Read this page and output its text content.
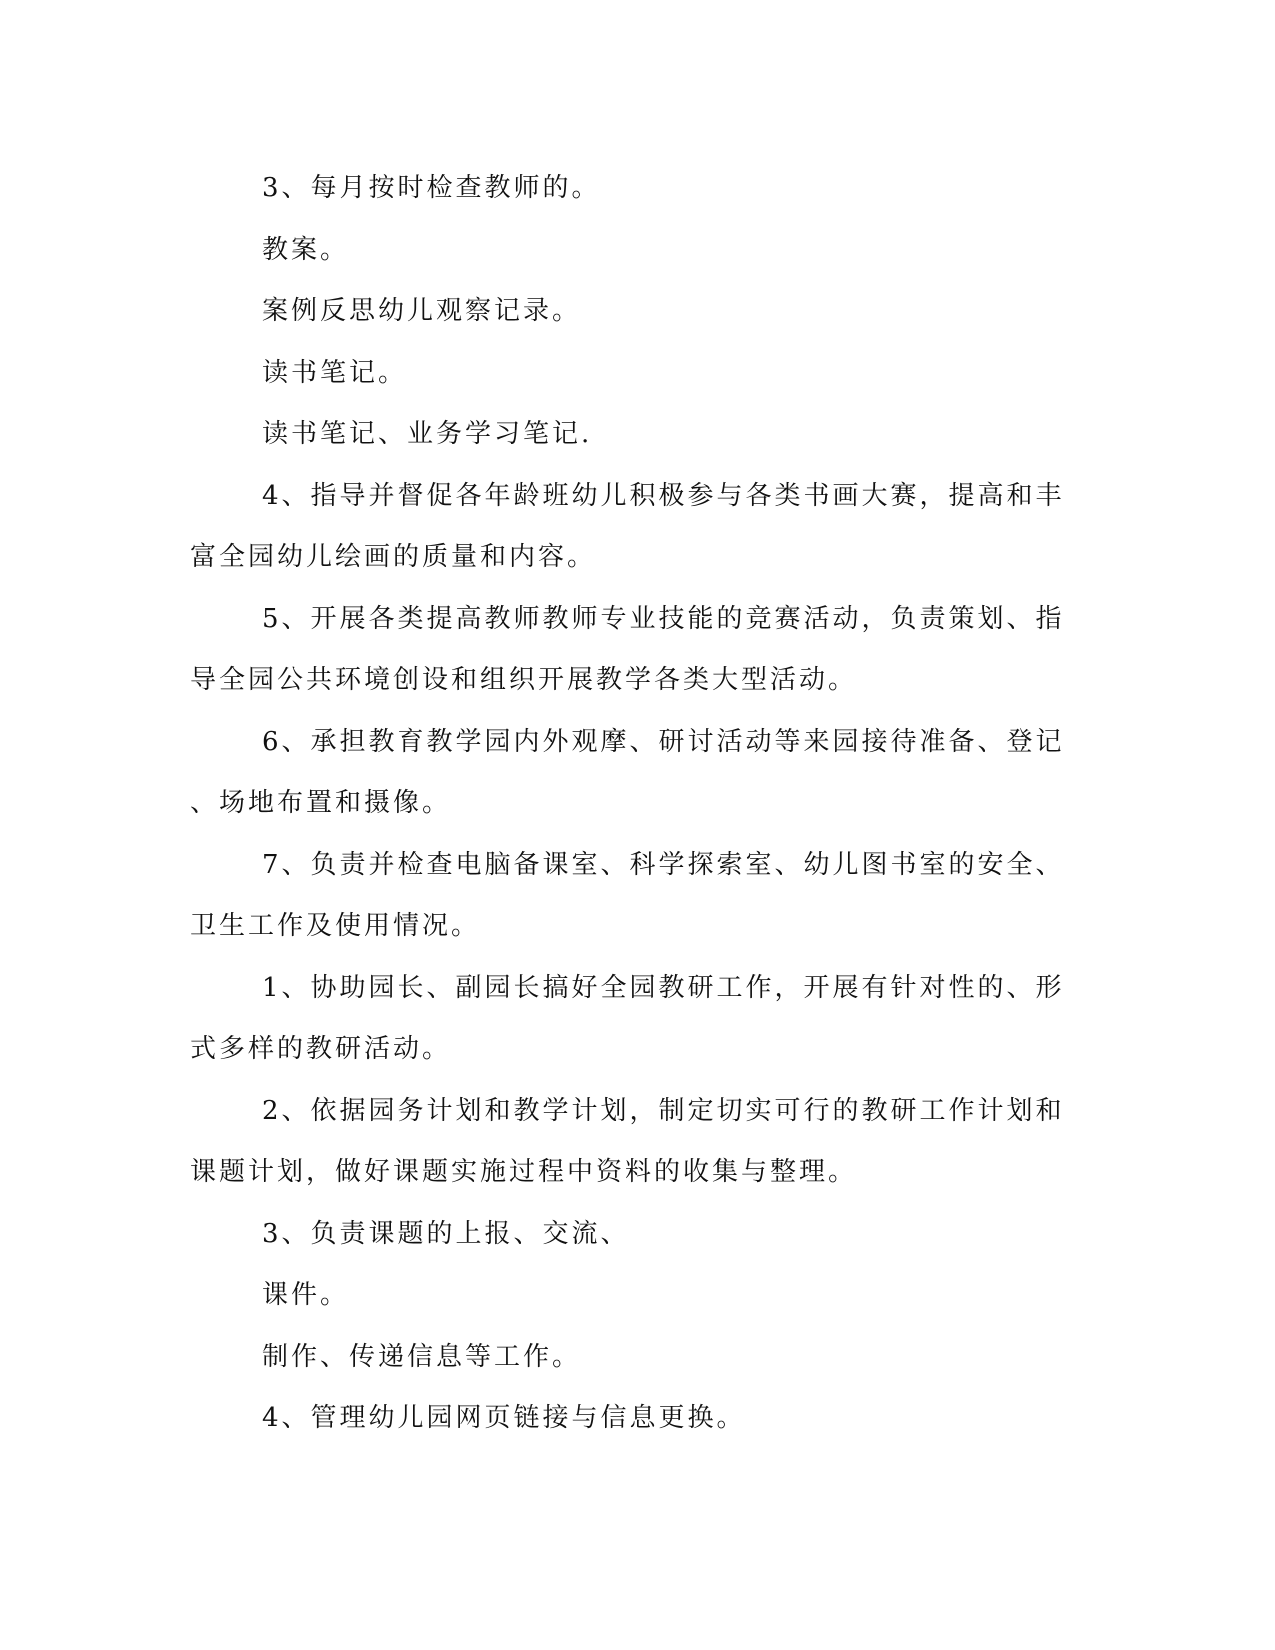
3、每月按时检查教师的。
教案。
案例反思幼儿观察记录。
读书笔记。
读书笔记、业务学习笔记.
4、指导并督促各年龄班幼儿积极参与各类书画大赛，提高和丰
富全园幼儿绘画的质量和内容。
5、开展各类提高教师教师专业技能的竞赛活动，负责策划、指
导全园公共环境创设和组织开展教学各类大型活动。
6、承担教育教学园内外观摩、研讨活动等来园接待准备、登记
、场地布置和摄像。
7、负责并检查电脑备课室、科学探索室、幼儿图书室的安全、
卫生工作及使用情况。
1、协助园长、副园长搞好全园教研工作，开展有针对性的、形
式多样的教研活动。
2、依据园务计划和教学计划，制定切实可行的教研工作计划和
课题计划，做好课题实施过程中资料的收集与整理。
3、负责课题的上报、交流、
课件。
制作、传递信息等工作。
4、管理幼儿园网页链接与信息更换。
